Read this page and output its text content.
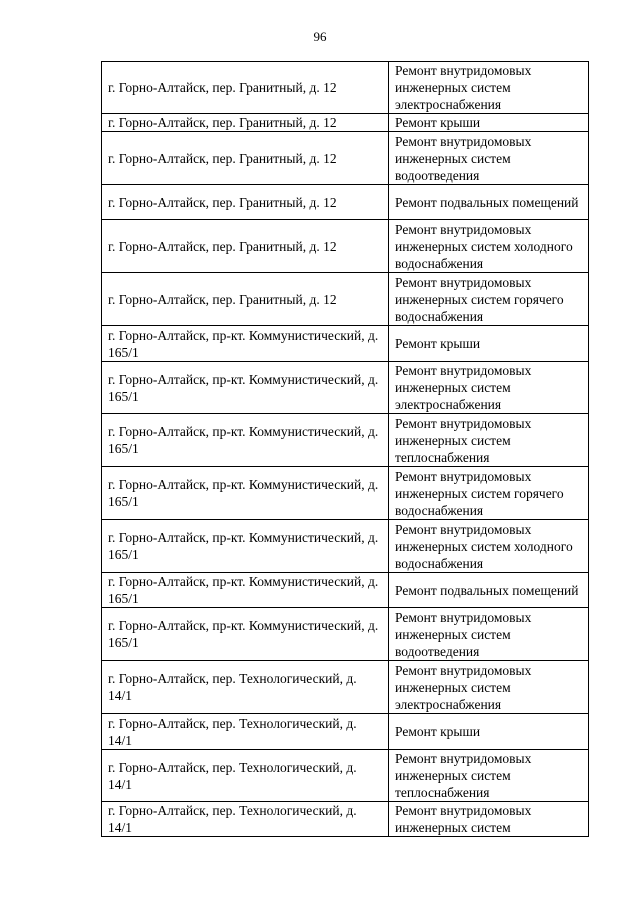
96
г. Горно-Алтайск, пер. Гранитный, д. 12	Ремонт внутридомовых инженерных систем электроснабжения

г. Горно-Алтайск, пер. Гранитный, д. 12	Ремонт крыши

г. Горно-Алтайск, пер. Гранитный, д. 12	Ремонт внутридомовых инженерных систем водоотведения

г. Горно-Алтайск, пер. Гранитный, д. 12	Ремонт подвальных помещений

г. Горно-Алтайск, пер. Гранитный, д. 12	Ремонт внутридомовых инженерных систем холодного водоснабжения

г. Горно-Алтайск, пер. Гранитный, д. 12	Ремонт внутридомовых инженерных систем горячего водоснабжения

г. Горно-Алтайск, пр-кт. Коммунистический, д. 165/1	Ремонт крыши

г. Горно-Алтайск, пр-кт. Коммунистический, д. 165/1	Ремонт внутридомовых инженерных систем электроснабжения

г. Горно-Алтайск, пр-кт. Коммунистический, д. 165/1	Ремонт внутридомовых инженерных систем теплоснабжения

г. Горно-Алтайск, пр-кт. Коммунистический, д. 165/1	Ремонт внутридомовых инженерных систем горячего водоснабжения

г. Горно-Алтайск, пр-кт. Коммунистический, д. 165/1	Ремонт внутридомовых инженерных систем холодного водоснабжения

г. Горно-Алтайск, пр-кт. Коммунистический, д. 165/1	Ремонт подвальных помещений

г. Горно-Алтайск, пр-кт. Коммунистический, д. 165/1	Ремонт внутридомовых инженерных систем водоотведения

г. Горно-Алтайск, пер. Технологический, д. 14/1	Ремонт внутридомовых инженерных систем электроснабжения

г. Горно-Алтайск, пер. Технологический, д. 14/1	Ремонт крыши

г. Горно-Алтайск, пер. Технологический, д. 14/1	Ремонт внутридомовых инженерных систем теплоснабжения

г. Горно-Алтайск, пер. Технологический, д. 14/1	Ремонт внутридомовых инженерных систем
